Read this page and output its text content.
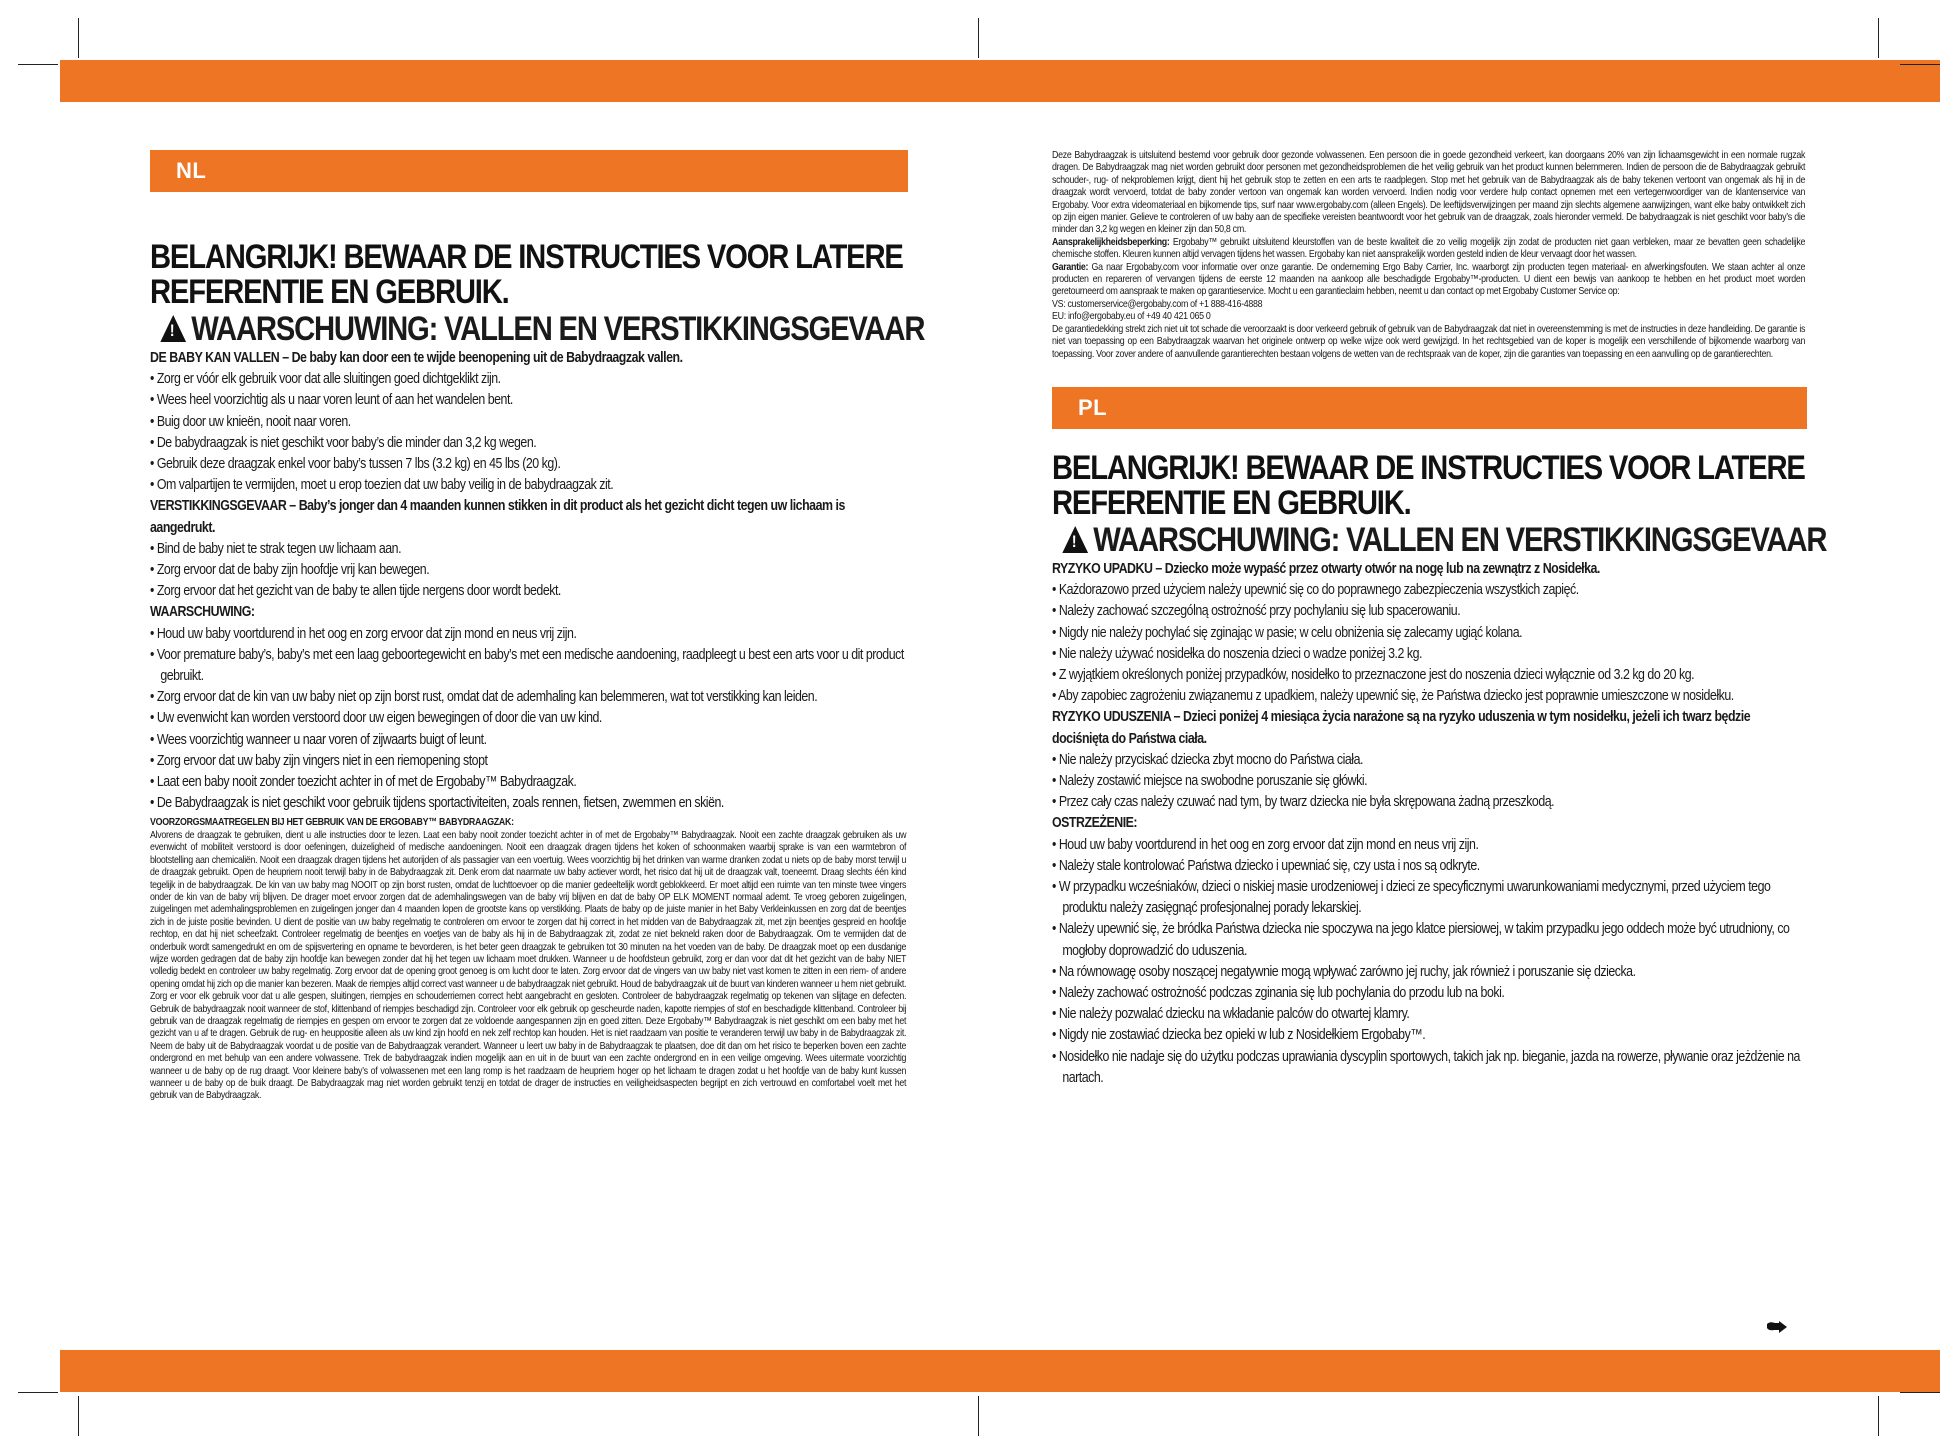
NL
BELANGRIJK! BEWAAR DE INSTRUCTIES VOOR LATERE
REFERENTIE EN GEBRUIK.
!WAARSCHUWING: VALLEN EN VERSTIKKINGSGEVAAR
DE BABY KAN VALLEN – De baby kan door een te wijde beenopening uit de Babydraagzak vallen.
• Zorg er vóór elk gebruik voor dat alle sluitingen goed dichtgeklikt zijn.
• Wees heel voorzichtig als u naar voren leunt of aan het wandelen bent.
• Buig door uw knieën, nooit naar voren.
• De babydraagzak is niet geschikt voor baby’s die minder dan 3,2 kg wegen.
• Gebruik deze draagzak enkel voor baby’s tussen 7 lbs (3.2 kg) en 45 lbs (20 kg).
• Om valpartijen te vermijden, moet u erop toezien dat uw baby veilig in de babydraagzak zit.
VERSTIKKINGSGEVAAR – Baby’s jonger dan 4 maanden kunnen stikken in dit product als het gezicht dicht tegen uw lichaam is aangedrukt.
• Bind de baby niet te strak tegen uw lichaam aan.
• Zorg ervoor dat de baby zijn hoofdje vrij kan bewegen.
• Zorg ervoor dat het gezicht van de baby te allen tijde nergens door wordt bedekt.
WAARSCHUWING:
• Houd uw baby voortdurend in het oog en zorg ervoor dat zijn mond en neus vrij zijn.
• Voor premature baby’s, baby’s met een laag geboortegewicht en baby’s met een medische aandoening, raadpleegt u best een arts voor u dit product gebruikt.
• Zorg ervoor dat de kin van uw baby niet op zijn borst rust, omdat dat de ademhaling kan belemmeren, wat tot verstikking kan leiden.
• Uw evenwicht kan worden verstoord door uw eigen bewegingen of door die van uw kind.
• Wees voorzichtig wanneer u naar voren of zijwaarts buigt of leunt.
• Zorg ervoor dat uw baby zijn vingers niet in een riemopening stopt
• Laat een baby nooit zonder toezicht achter in of met de Ergobaby™ Babydraagzak.
• De Babydraagzak is niet geschikt voor gebruik tijdens sportactiviteiten, zoals rennen, fietsen, zwemmen en skiën.
VOORZORGSMAATREGELEN BIJ HET GEBRUIK VAN DE ERGOBABY™ BABYDRAAGZAK:
Alvorens de draagzak te gebruiken, dient u alle instructies door te lezen. Laat een baby nooit zonder toezicht achter in of met de Ergobaby™ Babydraagzak. Nooit een zachte draagzak gebruiken als uw evenwicht of mobiliteit verstoord is door oefeningen, duizeligheid of medische aandoeningen. Nooit een draagzak dragen tijdens het koken of schoonmaken waarbij sprake is van een warmtebron of blootstelling aan chemicaliën. Nooit een draagzak dragen tijdens het autorijden of als passagier van een voertuig. Wees voorzichtig bij het drinken van warme dranken zodat u niets op de baby morst terwijl u de draagzak gebruikt. Open de heupriem nooit terwijl baby in de Babydraagzak zit. Denk erom dat naarmate uw baby actiever wordt, het risico dat hij uit de draagzak valt, toeneemt. Draag slechts één kind tegelijk in de babydraagzak. De kin van uw baby mag NOOIT op zijn borst rusten, omdat de luchttoevoer op die manier gedeeltelijk wordt geblokkeerd. Er moet altijd een ruimte van ten minste twee vingers onder de kin van de baby vrij blijven. De drager moet ervoor zorgen dat de ademhalingswegen van de baby vrij blijven en dat de baby OP ELK MOMENT normaal ademt. Te vroeg geboren zuigelingen, zuigelingen met ademhalingsproblemen en zuigelingen jonger dan 4 maanden lopen de grootste kans op verstikking. Plaats de baby op de juiste manier in het Baby Verkleinkussen en zorg dat de beentjes zich in de juiste positie bevinden. U dient de positie van uw baby regelmatig te controleren om ervoor te zorgen dat hij correct in het midden van de Babydraagzak zit, met zijn beentjes gespreid en hoofdje rechtop, en dat hij niet scheefzakt. Controleer regelmatig de beentjes en voetjes van de baby als hij in de Babydraagzak zit, zodat ze niet bekneld raken door de Babydraagzak. Om te vermijden dat de onderbuik wordt samengedrukt en om de spijsvertering en opname te bevorderen, is het beter geen draagzak te gebruiken tot 30 minuten na het voeden van de baby. De draagzak moet op een dusdanige wijze worden gedragen dat de baby zijn hoofdje kan bewegen zonder dat hij het tegen uw lichaam moet drukken. Wanneer u de hoofdsteun gebruikt, zorg er dan voor dat dit het gezicht van de baby NIET volledig bedekt en controleer uw baby regelmatig. Zorg ervoor dat de opening groot genoeg is om lucht door te laten. Zorg ervoor dat de vingers van uw baby niet vast komen te zitten in een riem- of andere opening omdat hij zich op die manier kan bezeren. Maak de riempjes altijd correct vast wanneer u de babydraagzak niet gebruikt. Houd de babydraagzak uit de buurt van kinderen wanneer u hem niet gebruikt. Zorg er voor elk gebruik voor dat u alle gespen, sluitingen, riempjes en schouderriemen correct hebt aangebracht en gesloten. Controleer de babydraagzak regelmatig op tekenen van slijtage en defecten. Gebruik de babydraagzak nooit wanneer de stof, klittenband of riempjes beschadigd zijn. Controleer voor elk gebruik op gescheurde naden, kapotte riempjes of stof en beschadigde klittenband. Controleer bij gebruik van de draagzak regelmatig de riempjes en gespen om ervoor te zorgen dat ze voldoende aangespannen zijn en goed zitten. Deze Ergobaby™ Babydraagzak is niet geschikt om een baby met het gezicht van u af te dragen. Gebruik de rug- en heuppositie alleen als uw kind zijn hoofd en nek zelf rechtop kan houden. Het is niet raadzaam van positie te veranderen terwijl uw baby in de Babydraagzak zit. Neem de baby uit de Babydraagzak voordat u de positie van de Babydraagzak verandert. Wanneer u leert uw baby in de Babydraagzak te plaatsen, doe dit dan om het risico te beperken boven een zachte ondergrond en met behulp van een andere volwassene. Trek de babydraagzak indien mogelijk aan en uit in de buurt van een zachte ondergrond en in een veilige omgeving. Wees uitermate voorzichtig wanneer u de baby op de rug draagt. Voor kleinere baby’s of volwassenen met een lang romp is het raadzaam de heupriem hoger op het lichaam te dragen zodat u het hoofdje van de baby kunt kussen wanneer u de baby op de buik draagt. De Babydraagzak mag niet worden gebruikt tenzij en totdat de drager de instructies en veiligheidsaspecten begrijpt en zich vertrouwd en comfortabel voelt met het gebruik van de Babydraagzak.
Deze Babydraagzak is uitsluitend bestemd voor gebruik door gezonde volwassenen. Een persoon die in goede gezondheid verkeert, kan doorgaans 20% van zijn lichaamsgewicht in een normale rugzak dragen. De Babydraagzak mag niet worden gebruikt door personen met gezondheidsproblemen die het veilig gebruik van het product kunnen belemmeren. Indien de persoon die de Babydraagzak gebruikt schouder-, rug- of nekproblemen krijgt, dient hij het gebruik stop te zetten en een arts te raadplegen. Stop met het gebruik van de Babydraagzak als de baby tekenen vertoont van ongemak als hij in de draagzak wordt vervoerd, totdat de baby zonder vertoon van ongemak kan worden vervoerd. Indien nodig voor verdere hulp contact opnemen met een vertegenwoordiger van de klantenservice van Ergobaby. Voor extra videomateriaal en bijkomende tips, surf naar www.ergobaby.com (alleen Engels). De leeftijdsverwijzingen per maand zijn slechts algemene aanwijzingen, want elke baby ontwikkelt zich op zijn eigen manier. Gelieve te controleren of uw baby aan de specifieke vereisten beantwoordt voor het gebruik van de draagzak, zoals hieronder vermeld. De babydraagzak is niet geschikt voor baby’s die minder dan 3,2 kg wegen en kleiner zijn dan 50,8 cm.
Aansprakelijkheidsbeperking: Ergobaby™ gebruikt uitsluitend kleurstoffen van de beste kwaliteit die zo veilig mogelijk zijn zodat de producten niet gaan verbleken, maar ze bevatten geen schadelijke chemische stoffen. Kleuren kunnen altijd vervagen tijdens het wassen. Ergobaby kan niet aansprakelijk worden gesteld indien de kleur vervaagt door het wassen.
Garantie: Ga naar Ergobaby.com voor informatie over onze garantie. De onderneming Ergo Baby Carrier, Inc. waarborgt zijn producten tegen materiaal- en afwerkingsfouten. We staan achter al onze producten en repareren of vervangen tijdens de eerste 12 maanden na aankoop alle beschadigde Ergobaby™-producten. U dient een bewijs van aankoop te hebben en het product moet worden geretourneerd om aanspraak te maken op garantieservice. Mocht u een garantieclaim hebben, neemt u dan contact op met Ergobaby Customer Service op:
VS: customerservice@ergobaby.com of +1 888-416-4888
EU: info@ergobaby.eu of +49 40 421 065 0
De garantiedekking strekt zich niet uit tot schade die veroorzaakt is door verkeerd gebruik of gebruik van de Babydraagzak dat niet in overeenstemming is met de instructies in deze handleiding. De garantie is niet van toepassing op een Babydraagzak waarvan het originele ontwerp op welke wijze ook werd gewijzigd. In het rechtsgebied van de koper is mogelijk een verschillende of bijkomende waarborg van toepassing. Voor zover andere of aanvullende garantierechten bestaan volgens de wetten van de rechtspraak van de koper, zijn die garanties van toepassing en een aanvulling op de garantierechten.
PL
BELANGRIJK! BEWAAR DE INSTRUCTIES VOOR LATERE
REFERENTIE EN GEBRUIK.
!WAARSCHUWING: VALLEN EN VERSTIKKINGSGEVAAR
RYZYKO UPADKU – Dziecko może wypaść przez otwarty otwór na nogę lub na zewnątrz z Nosidełka.
• Każdorazowo przed użyciem należy upewnić się co do poprawnego zabezpieczenia wszystkich zapięć.
• Należy zachować szczególną ostrożność przy pochylaniu się lub spacerowaniu.
• Nigdy nie należy pochylać się zginając w pasie; w celu obniżenia się zalecamy ugiąć kolana.
• Nie należy używać nosidełka do noszenia dzieci o wadze poniżej 3.2 kg.
• Z wyjątkiem określonych poniżej przypadków, nosidełko to przeznaczone jest do noszenia dzieci wyłącznie od 3.2 kg do 20 kg.
• Aby zapobiec zagrożeniu związanemu z upadkiem, należy upewnić się, że Państwa dziecko jest poprawnie umieszczone w nosidełku.
RYZYKO UDUSZENIA – Dzieci poniżej 4 miesiąca życia narażone są na ryzyko uduszenia w tym nosidełku, jeżeli ich twarz będzie dociśnięta do Państwa ciała.
• Nie należy przyciskać dziecka zbyt mocno do Państwa ciała.
• Należy zostawić miejsce na swobodne poruszanie się główki.
• Przez cały czas należy czuwać nad tym, by twarz dziecka nie była skrępowana żadną przeszkodą.
OSTRZEŻENIE:
• Houd uw baby voortdurend in het oog en zorg ervoor dat zijn mond en neus vrij zijn.
• Należy stale kontrolować Państwa dziecko i upewniać się, czy usta i nos są odkryte.
• W przypadku wcześniaków, dzieci o niskiej masie urodzeniowej i dzieci ze specyficznymi uwarunkowaniami medycznymi, przed użyciem tego produktu należy zasięgnąć profesjonalnej porady lekarskiej.
• Należy upewnić się, że bródka Państwa dziecka nie spoczywa na jego klatce piersiowej, w takim przypadku jego oddech może być utrudniony, co mogłoby doprowadzić do uduszenia.
• Na równowagę osoby noszącej negatywnie mogą wpływać zarówno jej ruchy, jak również i poruszanie się dziecka.
• Należy zachować ostrożność podczas zginania się lub pochylania do przodu lub na boki.
• Nie należy pozwalać dziecku na wkładanie palców do otwartej klamry.
• Nigdy nie zostawiać dziecka bez opieki w lub z Nosidełkiem Ergobaby™.
• Nosidełko nie nadaje się do użytku podczas uprawiania dyscyplin sportowych, takich jak np. bieganie, jazda na rowerze, pływanie oraz jeżdżenie na nartach.
